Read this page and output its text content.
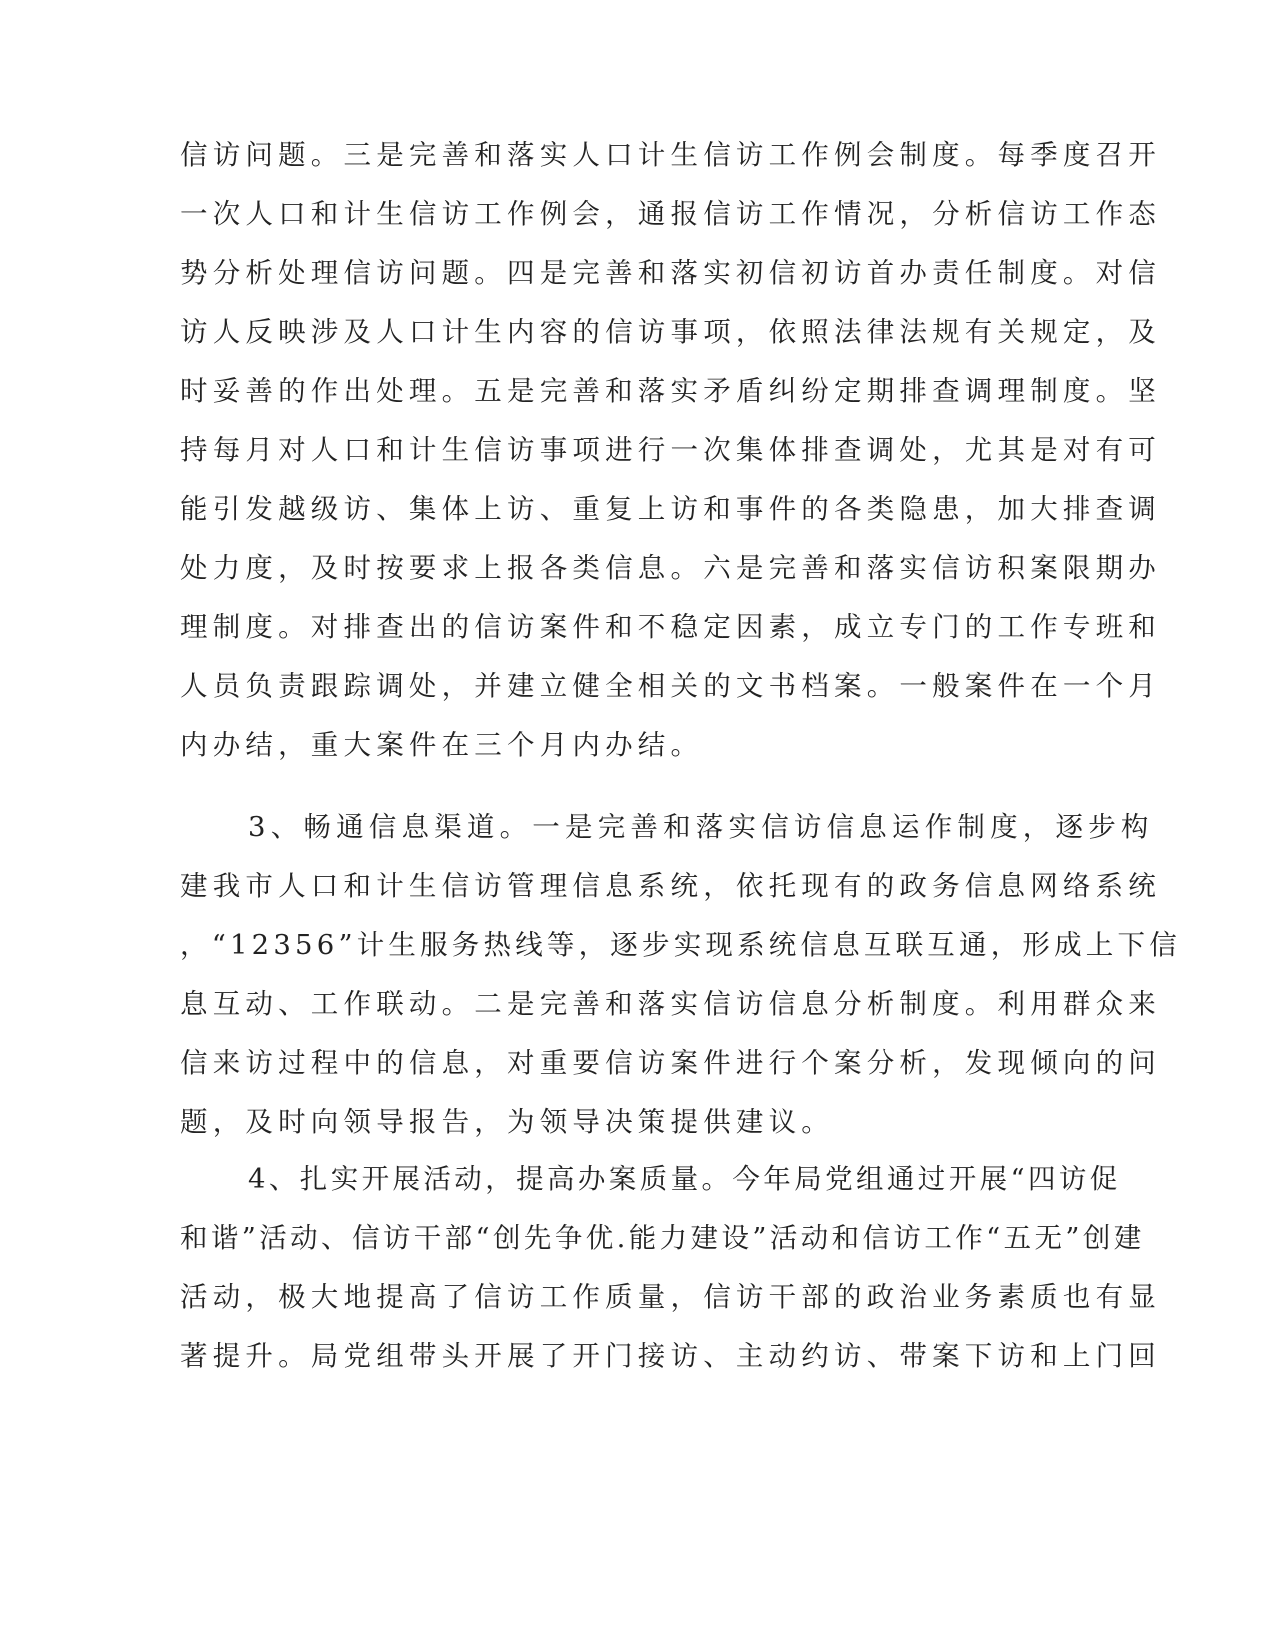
信访问题。三是完善和落实人口计生信访工作例会制度。每季度召开
一次人口和计生信访工作例会，通报信访工作情况，分析信访工作态
势分析处理信访问题。四是完善和落实初信初访首办责任制度。对信
访人反映涉及人口计生内容的信访事项，依照法律法规有关规定，及
时妥善的作出处理。五是完善和落实矛盾纠纷定期排查调理制度。坚
持每月对人口和计生信访事项进行一次集体排查调处，尤其是对有可
能引发越级访、集体上访、重复上访和事件的各类隐患，加大排查调
处力度，及时按要求上报各类信息。六是完善和落实信访积案限期办
理制度。对排查出的信访案件和不稳定因素，成立专门的工作专班和
人员负责跟踪调处，并建立健全相关的文书档案。一般案件在一个月
内办结，重大案件在三个月内办结。
3、畅通信息渠道。一是完善和落实信访信息运作制度，逐步构
建我市人口和计生信访管理信息系统，依托现有的政务信息网络系统
，“12356”计生服务热线等，逐步实现系统信息互联互通，形成上下信
息互动、工作联动。二是完善和落实信访信息分析制度。利用群众来
信来访过程中的信息，对重要信访案件进行个案分析，发现倾向的问
题，及时向领导报告，为领导决策提供建议。
4、扎实开展活动，提高办案质量。今年局党组通过开展“四访促
和谐”活动、信访干部“创先争优.能力建设”活动和信访工作“五无”创建
活动，极大地提高了信访工作质量，信访干部的政治业务素质也有显
著提升。局党组带头开展了开门接访、主动约访、带案下访和上门回
